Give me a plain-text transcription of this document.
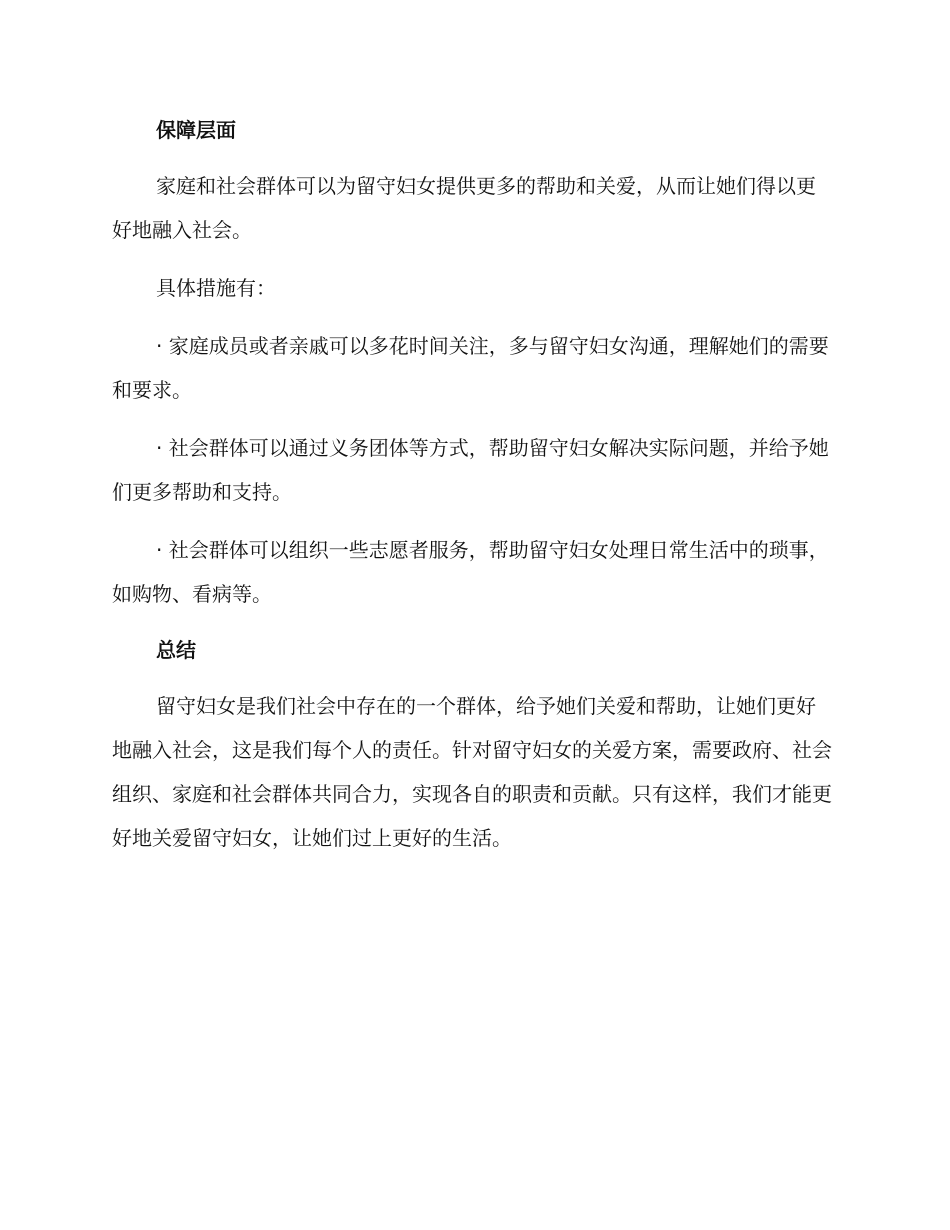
保障层面

家庭和社会群体可以为留守妇女提供更多的帮助和关爱，从而让她们得以更好地融入社会。

具体措施有：

· 家庭成员或者亲戚可以多花时间关注，多与留守妇女沟通，理解她们的需要和要求。

· 社会群体可以通过义务团体等方式，帮助留守妇女解决实际问题，并给予她们更多帮助和支持。

· 社会群体可以组织一些志愿者服务，帮助留守妇女处理日常生活中的琐事，如购物、看病等。

总结

留守妇女是我们社会中存在的一个群体，给予她们关爱和帮助，让她们更好地融入社会，这是我们每个人的责任。针对留守妇女的关爱方案，需要政府、社会组织、家庭和社会群体共同合力，实现各自的职责和贡献。只有这样，我们才能更好地关爱留守妇女，让她们过上更好的生活。
